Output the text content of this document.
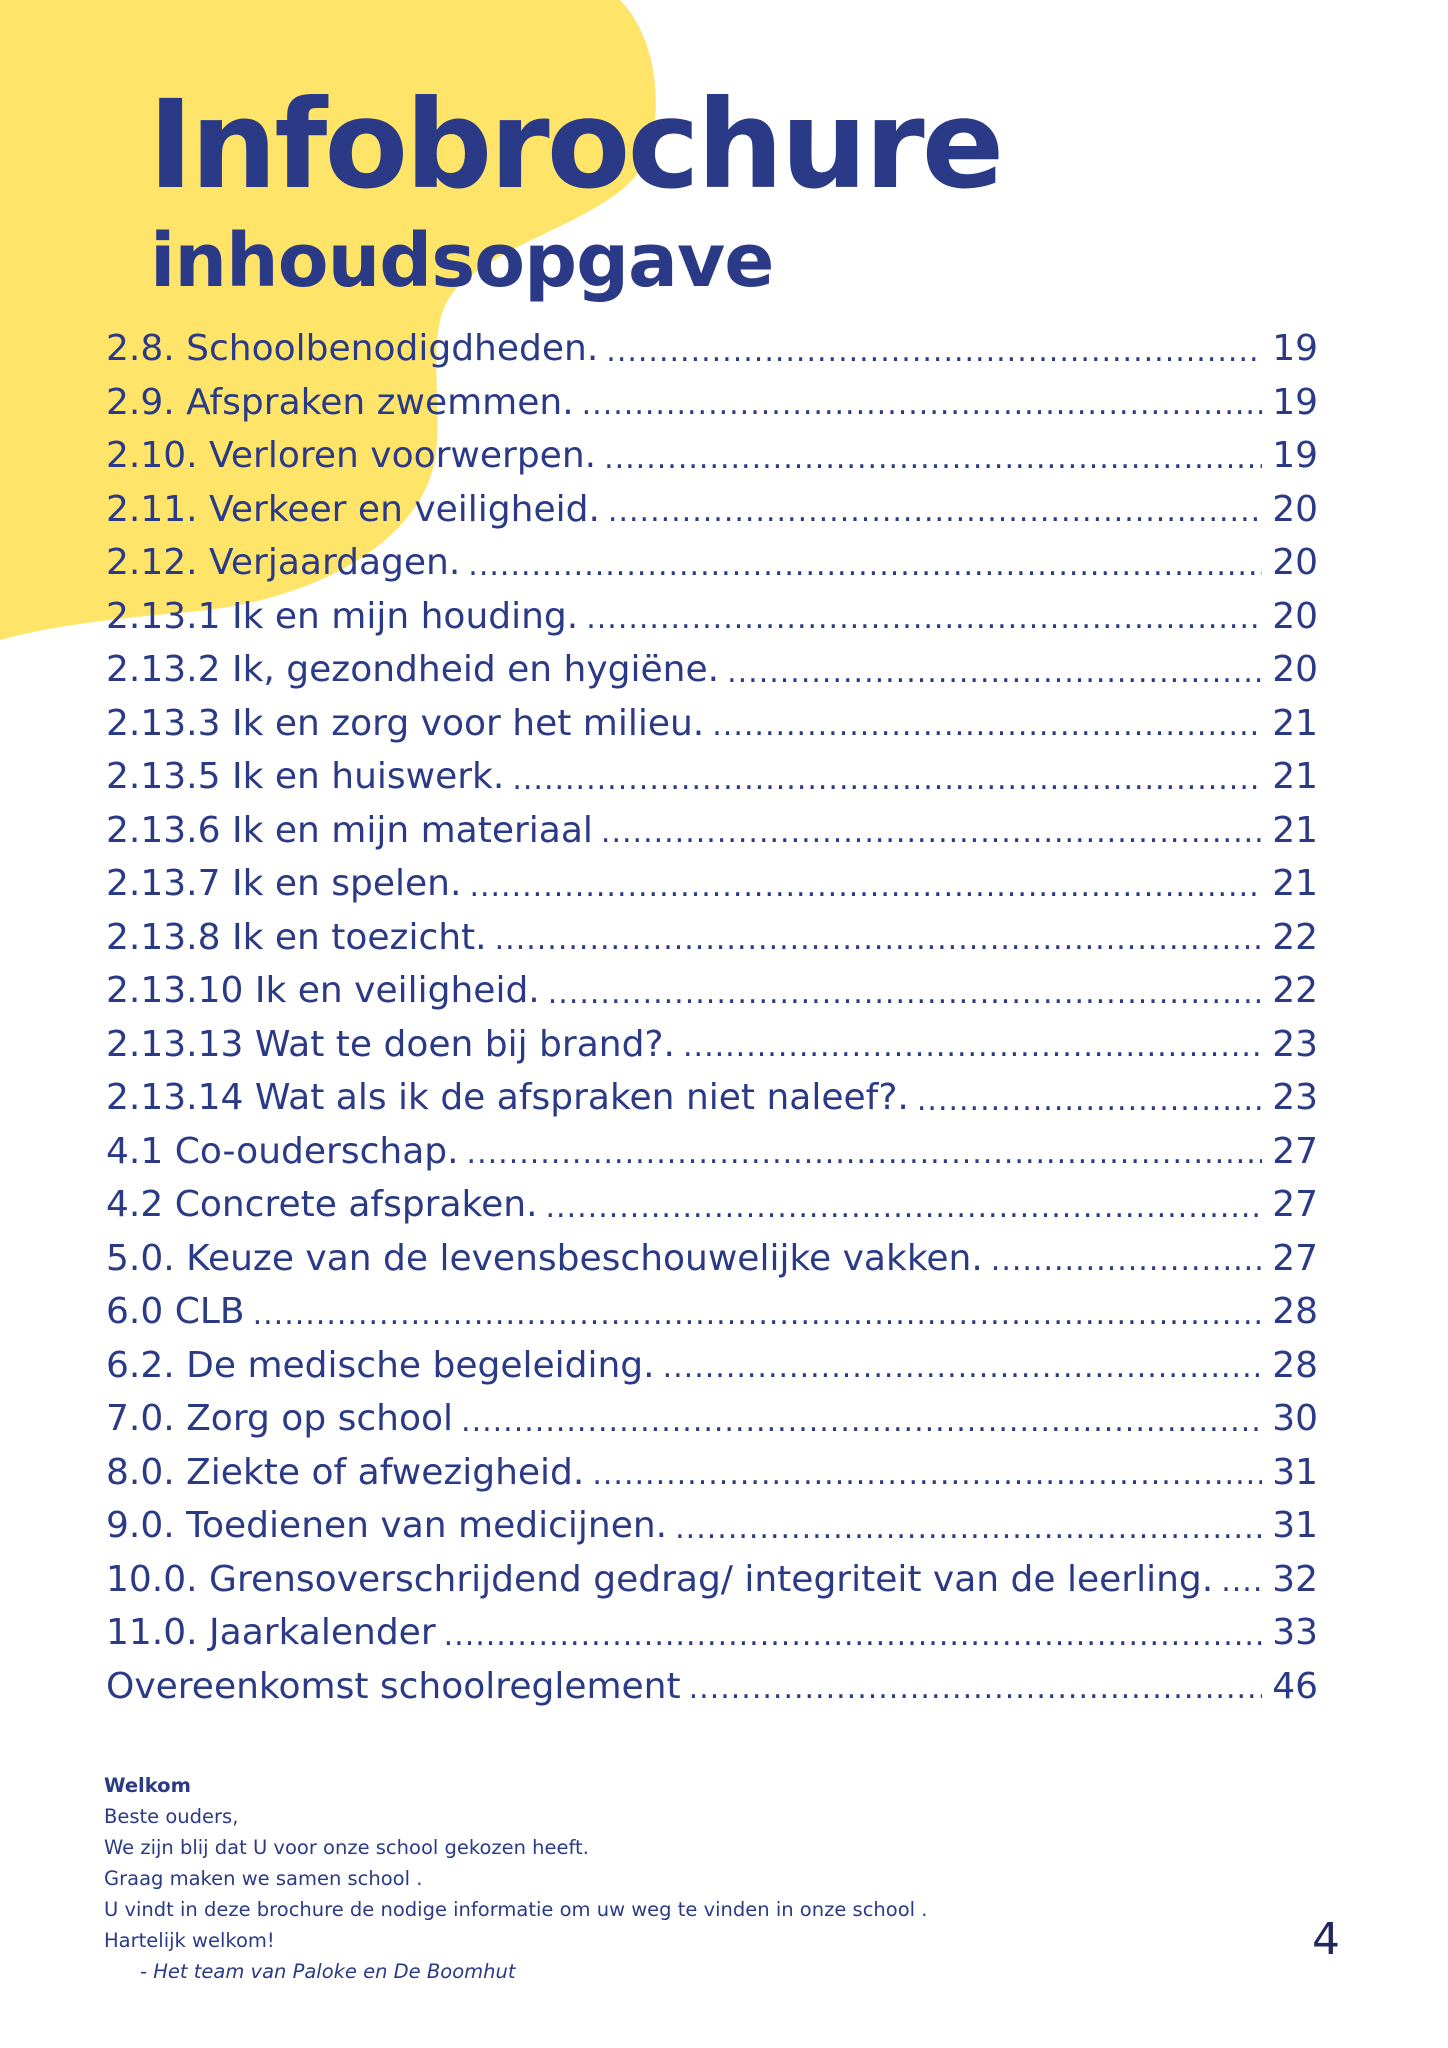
Infobrochure
inhoudsopgave
2.8. Schoolbenodigdheden. .....	19
2.9. Afspraken zwemmen. .....	19
2.10. Verloren voorwerpen. .....	19
2.11. Verkeer en veiligheid. .....	20
2.12. Verjaardagen. .....	20
2.13.1 Ik en mijn houding. .....	20
2.13.2 Ik, gezondheid en hygiëne. .....	20
2.13.3 Ik en zorg voor het milieu. .....	21
2.13.5 Ik en huiswerk. .....	21
2.13.6 Ik en mijn materiaal .....	21
2.13.7 Ik en spelen. .....	21
2.13.8 Ik en toezicht. .....	22
2.13.10 Ik en veiligheid. .....	22
2.13.13 Wat te doen bij brand?. .....	23
2.13.14 Wat als ik de afspraken niet naleef?. .....	23
4.1 Co-ouderschap. .....	27
4.2 Concrete afspraken. .....	27
5.0. Keuze van de levensbeschouwelijke vakken. .....	27
6.0 CLB .....	28
6.2. De medische begeleiding. .....	28
7.0. Zorg op school .....	30
8.0. Ziekte of afwezigheid. .....	31
9.0. Toedienen van medicijnen. .....	31
10.0. Grensoverschrijdend gedrag/ integriteit van de leerling. ..... 32
11.0. Jaarkalender .....	33
Overeenkomst schoolreglement .....	46
Welkom
Beste ouders,
We zijn blij dat U voor onze school gekozen heeft.
Graag maken we samen school .
U vindt in deze brochure de nodige informatie om uw weg te vinden in onze school .
Hartelijk welkom!
- Het team van Paloke en De Boomhut
4
